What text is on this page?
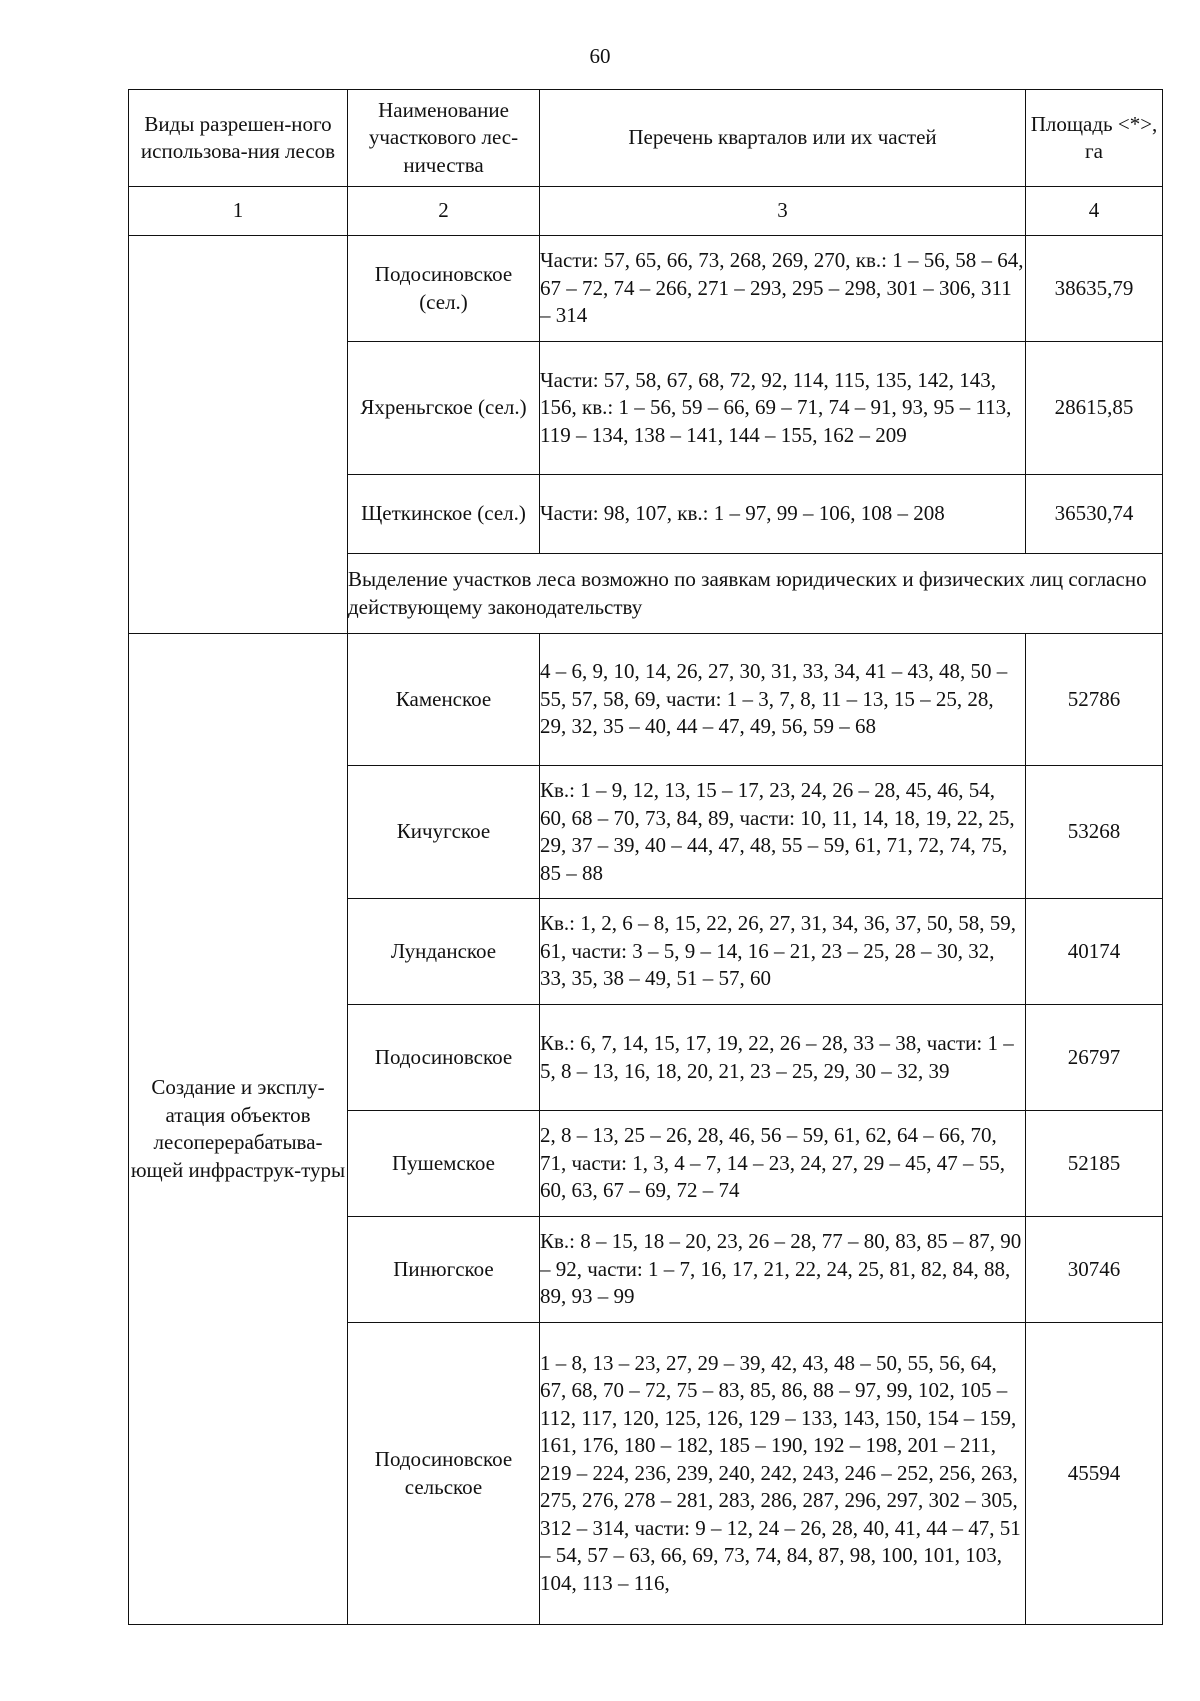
60
Виды разрешен-ного использова-ния лесов	Наименование участкового лес-ничества	Перечень кварталов или их частей	Площадь <*>, га
1	2	3	4
	Подосиновское (сел.)	Части: 57, 65, 66, 73, 268, 269, 270, кв.: 1 – 56, 58 – 64, 67 – 72, 74 – 266, 271 – 293, 295 – 298, 301 – 306, 311 – 314	38635,79
	Яхреньгское (сел.)	Части: 57, 58, 67, 68, 72, 92, 114, 115, 135, 142, 143, 156, кв.: 1 – 56, 59 – 66, 69 – 71, 74 – 91, 93, 95 – 113, 119 – 134, 138 – 141, 144 – 155, 162 – 209	28615,85
	Щеткинское (сел.)	Части: 98, 107, кв.: 1 – 97, 99 – 106, 108 – 208	36530,74
	Выделение участков леса возможно по заявкам юридических и физических лиц согласно действующему законодательству		
Создание и эксплу-атация объектов лесоперерабатыва-ющей инфраструк-туры	Каменское	4 – 6, 9, 10, 14, 26, 27, 30, 31, 33, 34, 41 – 43, 48, 50 – 55, 57, 58, 69, части: 1 – 3, 7, 8, 11 – 13, 15 – 25, 28, 29, 32, 35 – 40, 44 – 47, 49, 56, 59 – 68	52786
	Кичугское	Кв.: 1 – 9, 12, 13, 15 – 17, 23, 24, 26 – 28, 45, 46, 54, 60, 68 – 70, 73, 84, 89, части: 10, 11, 14, 18, 19, 22, 25, 29, 37 – 39, 40 – 44, 47, 48, 55 – 59, 61, 71, 72, 74, 75, 85 – 88	53268
	Лунданское	Кв.: 1, 2, 6 – 8, 15, 22, 26, 27, 31, 34, 36, 37, 50, 58, 59, 61, части: 3 – 5, 9 – 14, 16 – 21, 23 – 25, 28 – 30, 32, 33, 35, 38 – 49, 51 – 57, 60	40174
	Подосиновское	Кв.: 6, 7, 14, 15, 17, 19, 22, 26 – 28, 33 – 38, части: 1 – 5, 8 – 13, 16, 18, 20, 21, 23 – 25, 29, 30 – 32, 39	26797
	Пушемское	2, 8 – 13, 25 – 26, 28, 46, 56 – 59, 61, 62, 64 – 66, 70, 71, части: 1, 3, 4 – 7, 14 – 23, 24, 27, 29 – 45, 47 – 55, 60, 63, 67 – 69, 72 – 74	52185
	Пинюгское	Кв.: 8 – 15, 18 – 20, 23, 26 – 28, 77 – 80, 83, 85 – 87, 90 – 92, части: 1 – 7, 16, 17, 21, 22, 24, 25, 81, 82, 84, 88, 89, 93 – 99	30746
	Подосиновское сельское	1 – 8, 13 – 23, 27, 29 – 39, 42, 43, 48 – 50, 55, 56, 64, 67, 68, 70 – 72, 75 – 83, 85, 86, 88 – 97, 99, 102, 105 – 112, 117, 120, 125, 126, 129 – 133, 143, 150, 154 – 159, 161, 176, 180 – 182, 185 – 190, 192 – 198, 201 – 211, 219 – 224, 236, 239, 240, 242, 243, 246 – 252, 256, 263, 275, 276, 278 – 281, 283, 286, 287, 296, 297, 302 – 305, 312 – 314, части: 9 – 12, 24 – 26, 28, 40, 41, 44 – 47, 51 – 54, 57 – 63, 66, 69, 73, 74, 84, 87, 98, 100, 101, 103, 104, 113 – 116,	45594
